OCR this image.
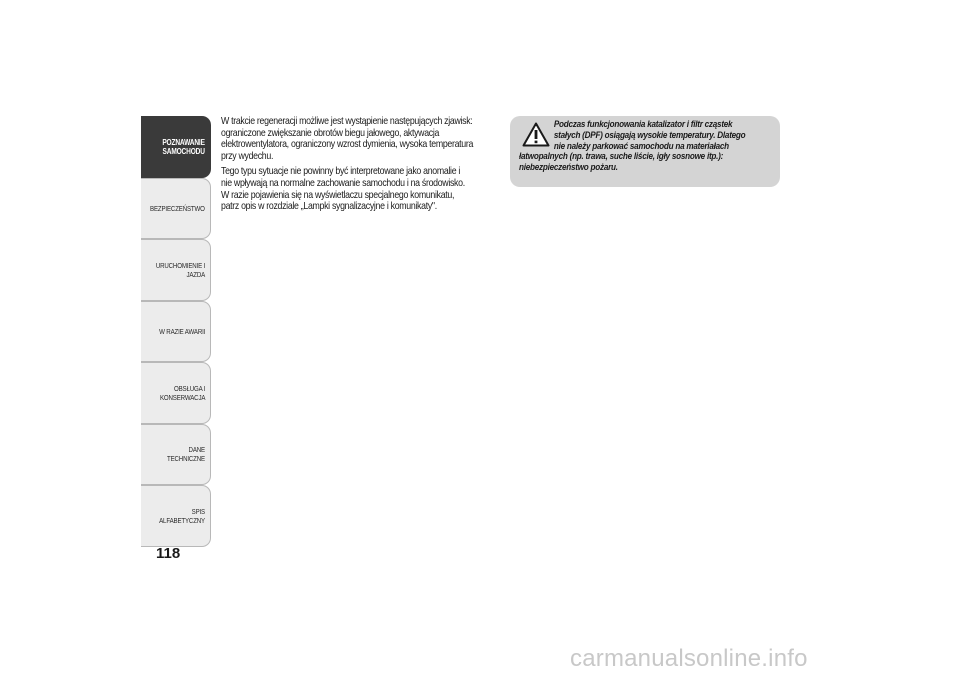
POZNAWANIE
SAMOCHODU
BEZPIECZEŃSTWO
URUCHOMIENIE I
JAZDA
W RAZIE AWARII
OBSŁUGA I
KONSERWACJA
DANE TECHNICZNE
SPIS ALFABETYCZNY
118

W trakcie regeneracji możliwe jest wystąpienie następujących zjawisk:
ograniczone zwiększanie obrotów biegu jałowego, aktywacja
elektrowentylatora, ograniczony wzrost dymienia, wysoka temperatura
przy wydechu.

Tego typu sytuacje nie powinny być interpretowane jako anomalie i
nie wpływają na normalne zachowanie samochodu i na środowisko.
W razie pojawienia się na wyświetlaczu specjalnego komunikatu,
patrz opis w rozdziale „Lampki sygnalizacyjne i komunikaty".

Podczas funkcjonowania katalizator i filtr cząstek
stałych (DPF) osiągają wysokie temperatury. Dlatego
nie należy parkować samochodu na materiałach
łatwopalnych (np. trawa, suche liście, igły sosnowe itp.):
niebezpieczeństwo pożaru.
carmanualsonline.info
